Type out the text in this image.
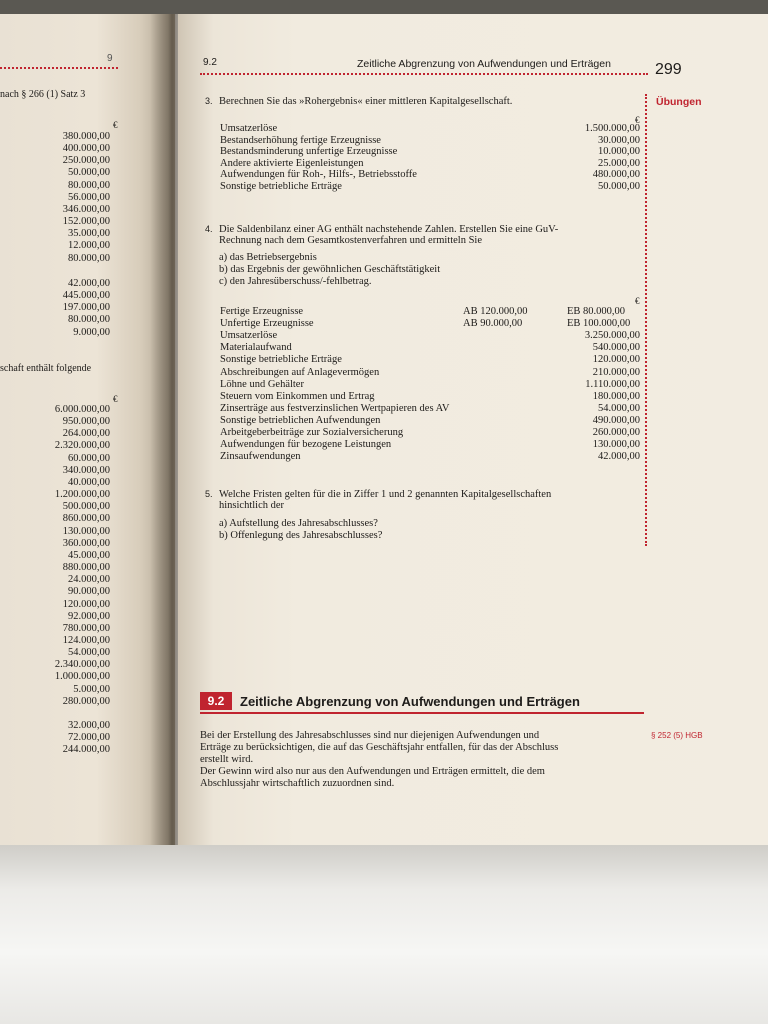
9
nach § 266 (1) Satz 3
€
380.000,00
400.000,00
250.000,00
50.000,00
80.000,00
56.000,00
346.000,00
152.000,00
35.000,00
12.000,00
80.000,00
42.000,00
445.000,00
197.000,00
80.000,00
9.000,00
schaft enthält folgende
€
6.000.000,00
950.000,00
264.000,00
2.320.000,00
60.000,00
340.000,00
40.000,00
1.200.000,00
500.000,00
860.000,00
130.000,00
360.000,00
45.000,00
880.000,00
24.000,00
90.000,00
120.000,00
92.000,00
780.000,00
124.000,00
54.000,00
2.340.000,00
1.000.000,00
5.000,00
280.000,00
32.000,00
72.000,00
244.000,00
9.2	Zeitliche Abgrenzung von Aufwendungen und Erträgen	299
Übungen
3. Berechnen Sie das »Rohergebnis« einer mittleren Kapitalgesellschaft.
€
Umsatzerlöse	1.500.000,00
Bestandserhöhung fertige Erzeugnisse	30.000,00
Bestandsminderung unfertige Erzeugnisse	10.000,00
Andere aktivierte Eigenleistungen	25.000,00
Aufwendungen für Roh-, Hilfs-, Betriebsstoffe	480.000,00
Sonstige betriebliche Erträge	50.000,00
4. Die Saldenbilanz einer AG enthält nachstehende Zahlen. Erstellen Sie eine GuV-
Rechnung nach dem Gesamtkostenverfahren und ermitteln Sie
a) das Betriebsergebnis
b) das Ergebnis der gewöhnlichen Geschäftstätigkeit
c) den Jahresüberschuss/-fehlbetrag.
€
Fertige Erzeugnisse	AB 120.000,00	EB 80.000,00
Unfertige Erzeugnisse	AB 90.000,00	EB 100.000,00
Umsatzerlöse	3.250.000,00
Materialaufwand	540.000,00
Sonstige betriebliche Erträge	120.000,00
Abschreibungen auf Anlagevermögen	210.000,00
Löhne und Gehälter	1.110.000,00
Steuern vom Einkommen und Ertrag	180.000,00
Zinserträge aus festverzinslichen Wertpapieren des AV	54.000,00
Sonstige betrieblichen Aufwendungen	490.000,00
Arbeitgeberbeiträge zur Sozialversicherung	260.000,00
Aufwendungen für bezogene Leistungen	130.000,00
Zinsaufwendungen	42.000,00
5. Welche Fristen gelten für die in Ziffer 1 und 2 genannten Kapitalgesellschaften
hinsichtlich der
a) Aufstellung des Jahresabschlusses?
b) Offenlegung des Jahresabschlusses?
9.2	Zeitliche Abgrenzung von Aufwendungen und Erträgen
§ 252 (5) HGB
Bei der Erstellung des Jahresabschlusses sind nur diejenigen Aufwendungen und
Erträge zu berücksichtigen, die auf das Geschäftsjahr entfallen, für das der Abschluss
erstellt wird.
Der Gewinn wird also nur aus den Aufwendungen und Erträgen ermittelt, die dem
Abschlussjahr wirtschaftlich zuzuordnen sind.
